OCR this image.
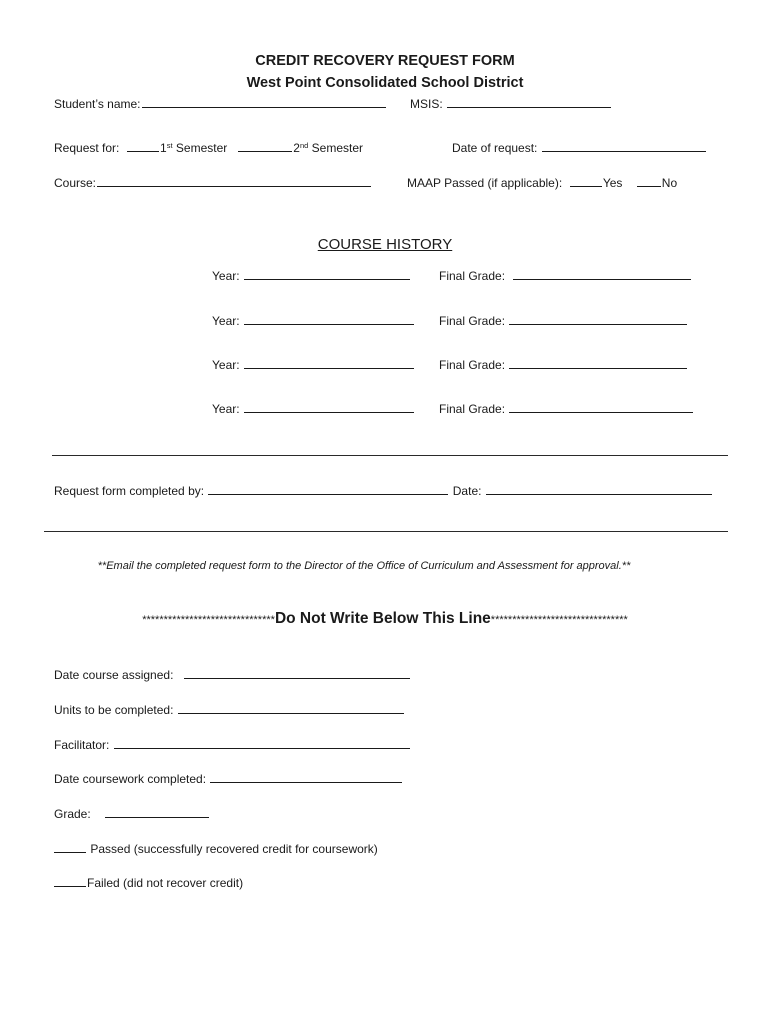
CREDIT RECOVERY REQUEST FORM
West Point Consolidated School District
Student’s name:	MSIS:
Request for:	1st Semester	2nd Semester	Date of request:
Course:	MAAP Passed (if applicable):	Yes	No
COURSE HISTORY
Year:	Final Grade:
Year:	Final Grade:
Year:	Final Grade:
Year:	Final Grade:
Request form completed by:	Date:
**Email the completed request form to the Director of the Office of Curriculum and Assessment for approval.**
*******************************Do Not Write Below This Line********************************
Date course assigned:
Units to be completed:
Facilitator:
Date coursework completed:
Grade:
Passed (successfully recovered credit for coursework)
Failed (did not recover credit)
